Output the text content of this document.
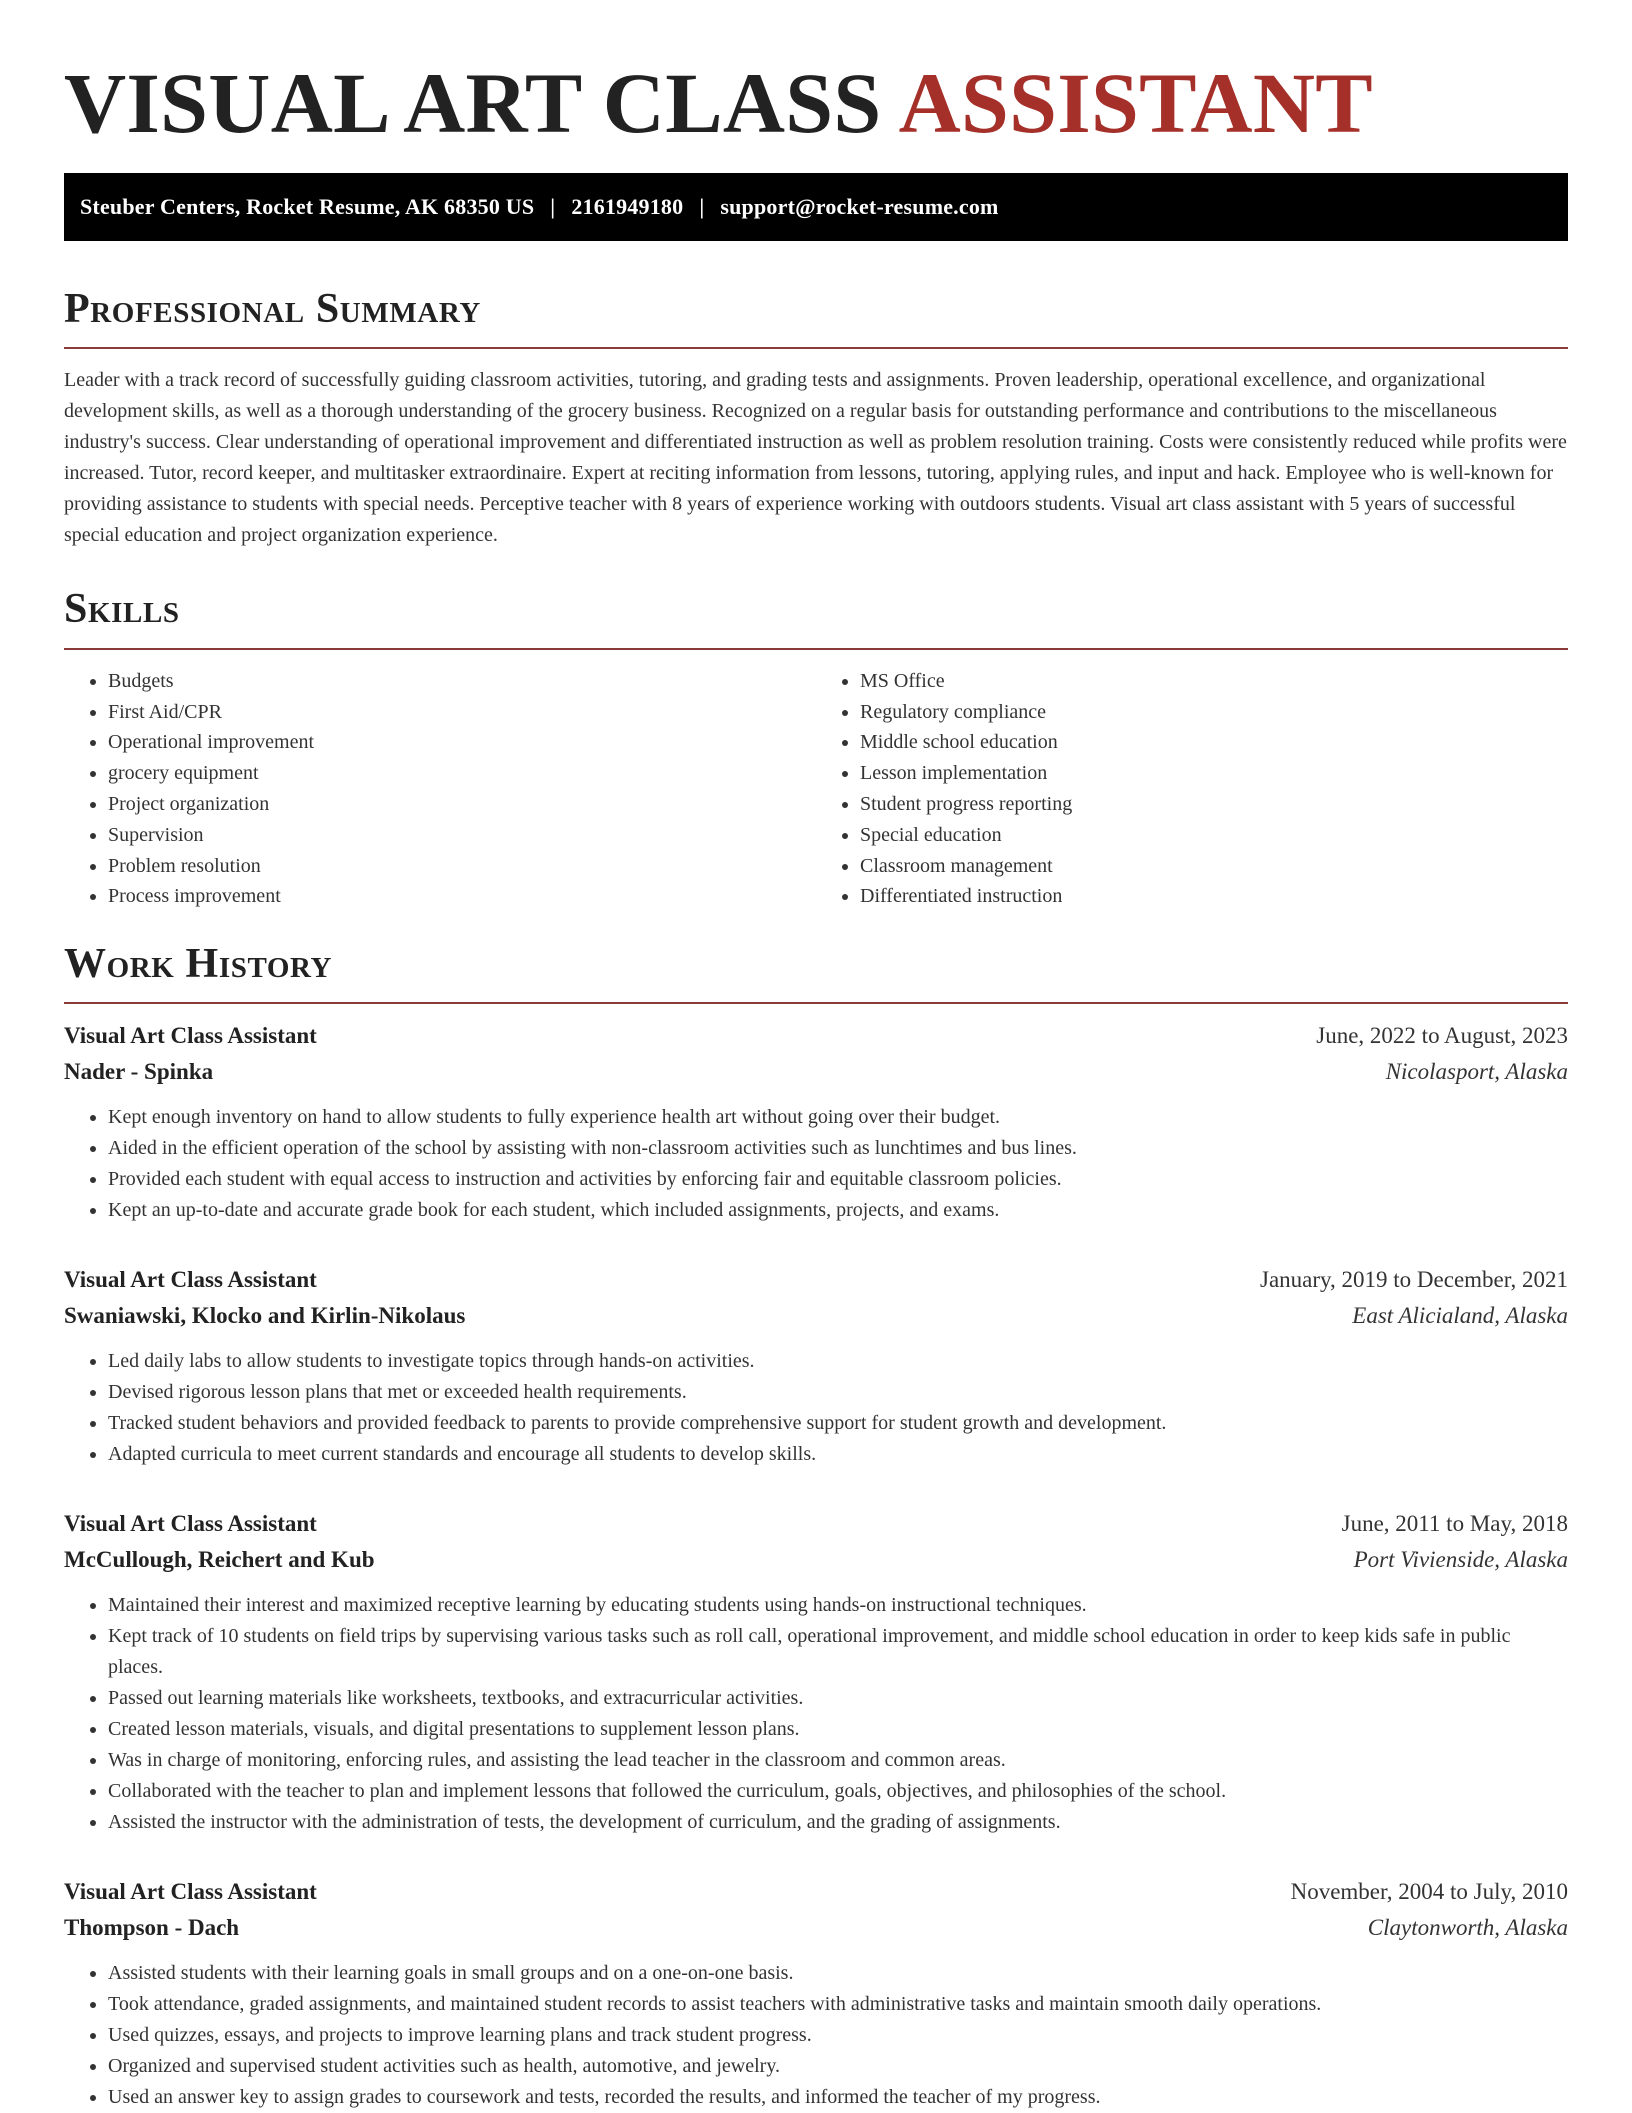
VISUAL ART CLASS ASSISTANT
Steuber Centers, Rocket Resume, AK 68350 US | 2161949180 | support@rocket-resume.com
Professional Summary

Leader with a track record of successfully guiding classroom activities, tutoring, and grading tests and assignments. Proven leadership, operational excellence, and organizational development skills, as well as a thorough understanding of the grocery business. Recognized on a regular basis for outstanding performance and contributions to the miscellaneous industry's success. Clear understanding of operational improvement and differentiated instruction as well as problem resolution training. Costs were consistently reduced while profits were increased. Tutor, record keeper, and multitasker extraordinaire. Expert at reciting information from lessons, tutoring, applying rules, and input and hack. Employee who is well-known for providing assistance to students with special needs. Perceptive teacher with 8 years of experience working with outdoors students. Visual art class assistant with 5 years of successful special education and project organization experience.

Skills
• Budgets
• First Aid/CPR
• Operational improvement
• grocery equipment
• Project organization
• Supervision
• Problem resolution
• Process improvement
• MS Office
• Regulatory compliance
• Middle school education
• Lesson implementation
• Student progress reporting
• Special education
• Classroom management
• Differentiated instruction
Work History
Visual Art Class Assistant	June, 2022 to August, 2023
Nader - Spinka	Nicolasport, Alaska
• Kept enough inventory on hand to allow students to fully experience health art without going over their budget.
• Aided in the efficient operation of the school by assisting with non-classroom activities such as lunchtimes and bus lines.
• Provided each student with equal access to instruction and activities by enforcing fair and equitable classroom policies.
• Kept an up-to-date and accurate grade book for each student, which included assignments, projects, and exams.
Visual Art Class Assistant	January, 2019 to December, 2021
Swaniawski, Klocko and Kirlin-Nikolaus	East Alicialand, Alaska
• Led daily labs to allow students to investigate topics through hands-on activities.
• Devised rigorous lesson plans that met or exceeded health requirements.
• Tracked student behaviors and provided feedback to parents to provide comprehensive support for student growth and development.
• Adapted curricula to meet current standards and encourage all students to develop skills.
Visual Art Class Assistant	June, 2011 to May, 2018
McCullough, Reichert and Kub	Port Vivienside, Alaska
• Maintained their interest and maximized receptive learning by educating students using hands-on instructional techniques.
• Kept track of 10 students on field trips by supervising various tasks such as roll call, operational improvement, and middle school education in order to keep kids safe in public places.
• Passed out learning materials like worksheets, textbooks, and extracurricular activities.
• Created lesson materials, visuals, and digital presentations to supplement lesson plans.
• Was in charge of monitoring, enforcing rules, and assisting the lead teacher in the classroom and common areas.
• Collaborated with the teacher to plan and implement lessons that followed the curriculum, goals, objectives, and philosophies of the school.
• Assisted the instructor with the administration of tests, the development of curriculum, and the grading of assignments.
Visual Art Class Assistant	November, 2004 to July, 2010
Thompson - Dach	Claytonworth, Alaska
• Assisted students with their learning goals in small groups and on a one-on-one basis.
• Took attendance, graded assignments, and maintained student records to assist teachers with administrative tasks and maintain smooth daily operations.
• Used quizzes, essays, and projects to improve learning plans and track student progress.
• Organized and supervised student activities such as health, automotive, and jewelry.
• Used an answer key to assign grades to coursework and tests, recorded the results, and informed the teacher of my progress.
